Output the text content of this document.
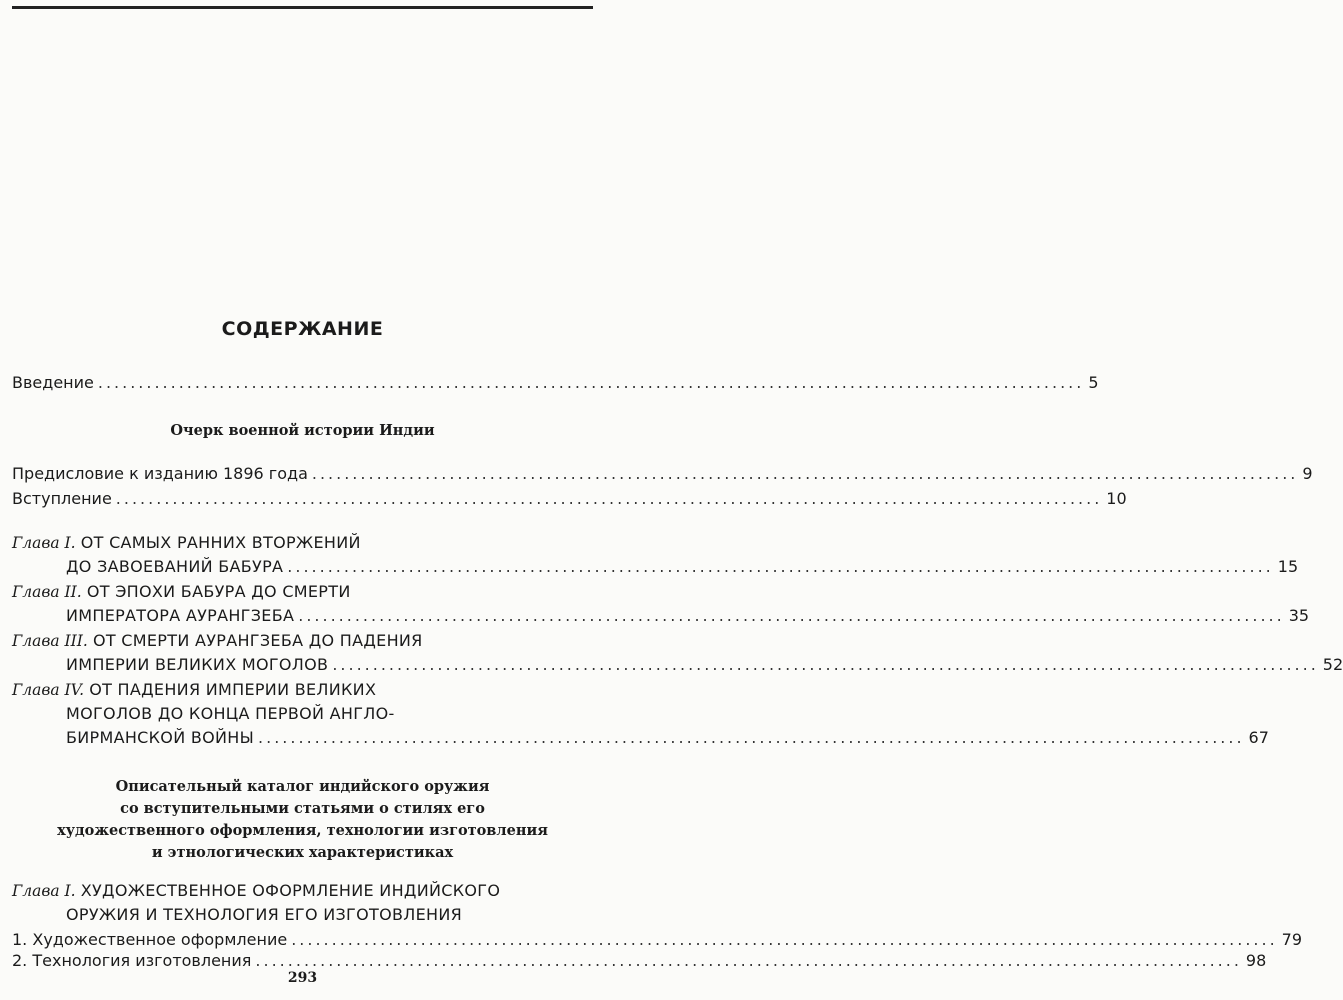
СОДЕРЖАНИЕ
Введение .......................................................................................................................... 5
Очерк военной истории Индии
Предисловие к изданию 1896 года .......................................................................................................................... 9
Вступление .......................................................................................................................... 10
Глава I. ОТ САМЫХ РАННИХ ВТОРЖЕНИЙ
ДО ЗАВОЕВАНИЙ БАБУРА .......................................................................................................................... 15
Глава II. ОТ ЭПОХИ БАБУРА ДО СМЕРТИ
ИМПЕРАТОРА АУРАНГЗЕБА .......................................................................................................................... 35
Глава III. ОТ СМЕРТИ АУРАНГЗЕБА ДО ПАДЕНИЯ
ИМПЕРИИ ВЕЛИКИХ МОГОЛОВ .......................................................................................................................... 52
Глава IV. ОТ ПАДЕНИЯ ИМПЕРИИ ВЕЛИКИХ
МОГОЛОВ ДО КОНЦА ПЕРВОЙ АНГЛО-
БИРМАНСКОЙ ВОЙНЫ .......................................................................................................................... 67
Описательный каталог индийского оружия
со вступительными статьями о стилях его
художественного оформления, технологии изготовления
и этнологических характеристиках
Глава I. ХУДОЖЕСТВЕННОЕ ОФОРМЛЕНИЕ ИНДИЙСКОГО
ОРУЖИЯ И ТЕХНОЛОГИЯ ЕГО ИЗГОТОВЛЕНИЯ
1. Художественное оформление .......................................................................................................................... 79
2. Технология изготовления .......................................................................................................................... 98
293
